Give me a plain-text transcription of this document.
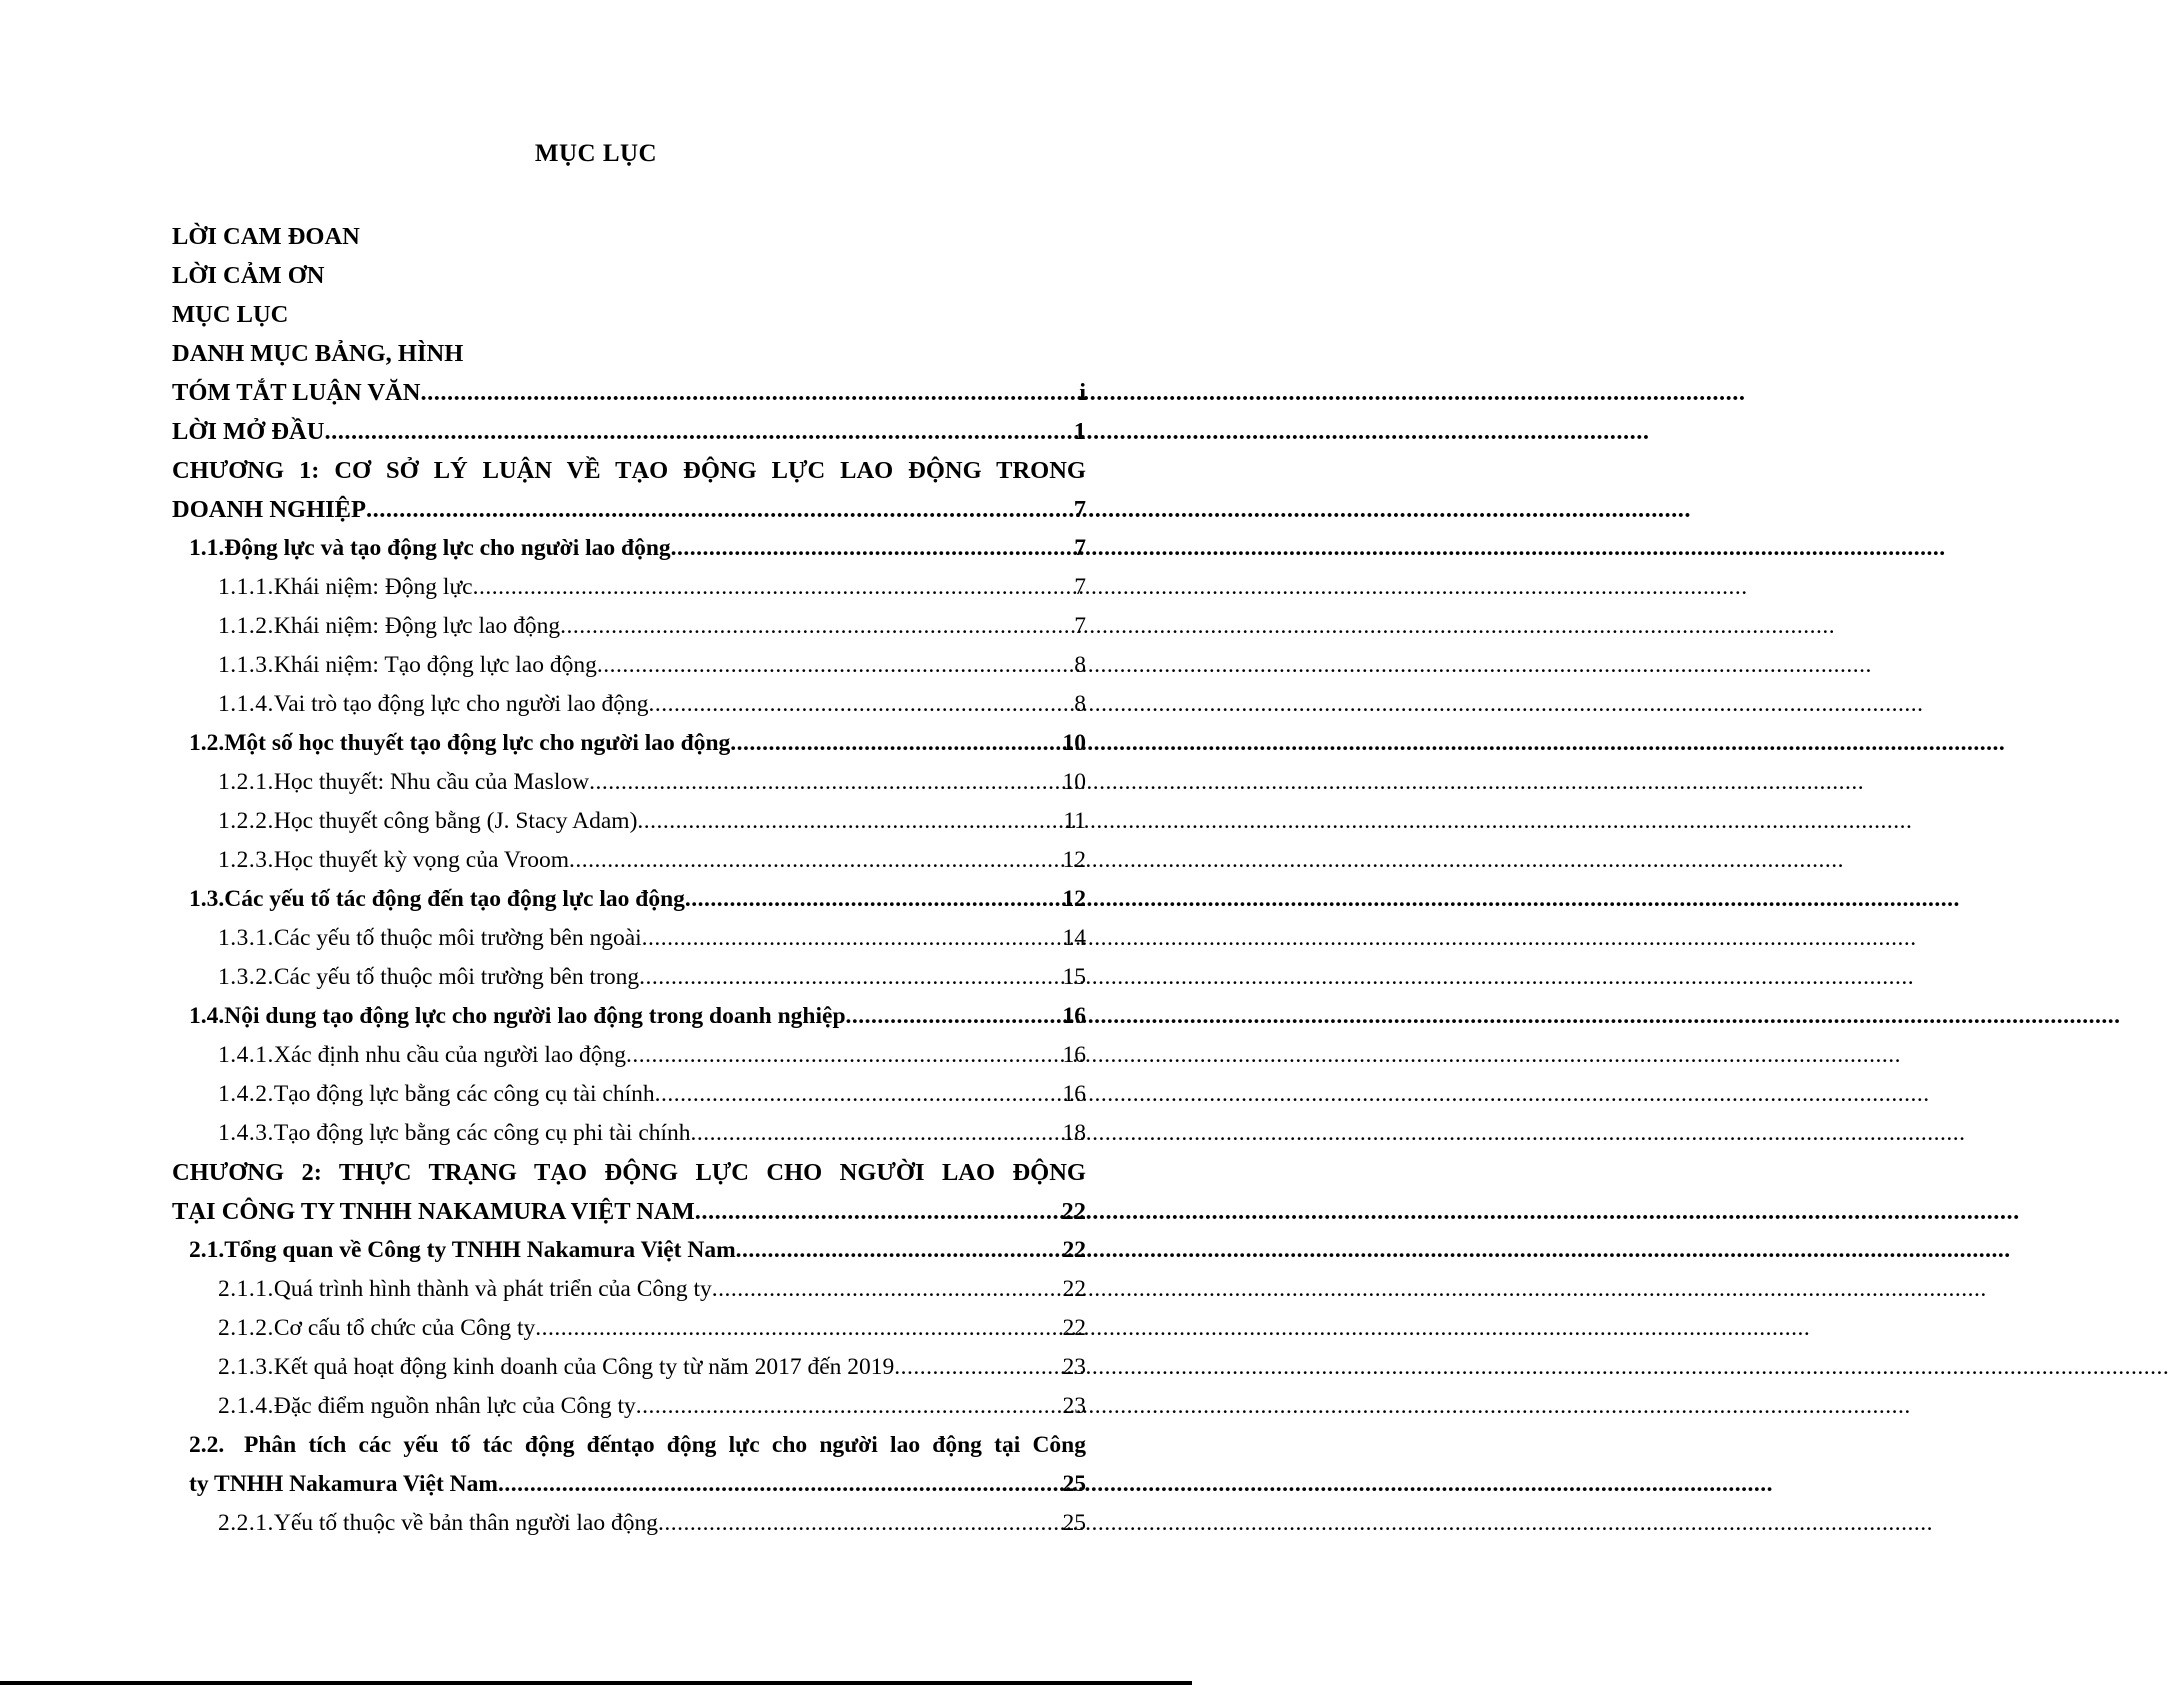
MỤC LỤC
LỜI CAM ĐOAN
LỜI CẢM ƠN
MỤC LỤC
DANH MỤC BẢNG, HÌNH
TÓM TẮT LUẬN VĂN .....	i
LỜI MỞ ĐẦU .....	1
CHƯƠNG 1: CƠ SỞ LÝ LUẬN VỀ TẠO ĐỘNG LỰC LAO ĐỘNG TRONG
DOANH NGHIỆP .....	7
1.1. Động lực và tạo động lực cho người lao động .....	7
1.1.1. Khái niệm: Động lực .....	7
1.1.2. Khái niệm: Động lực lao động .....	7
1.1.3. Khái niệm: Tạo động lực lao động .....	8
1.1.4. Vai trò tạo động lực cho người lao động .....	8
1.2. Một số học thuyết tạo động lực cho người lao động .....	10
1.2.1. Học thuyết: Nhu cầu của Maslow .....	10
1.2.2. Học thuyết công bằng (J. Stacy Adam) .....	11
1.2.3. Học thuyết kỳ vọng của Vroom .....	12
1.3. Các yếu tố tác động đến tạo động lực lao động .....	12
1.3.1. Các yếu tố thuộc môi trường bên ngoài .....	14
1.3.2. Các yếu tố thuộc môi trường bên trong .....	15
1.4. Nội dung tạo động lực cho người lao động trong doanh nghiệp .....	16
1.4.1. Xác định nhu cầu của người lao động .....	16
1.4.2. Tạo động lực bằng các công cụ tài chính .....	16
1.4.3. Tạo động lực bằng các công cụ phi tài chính .....	18
CHƯƠNG 2: THỰC TRẠNG TẠO ĐỘNG LỰC CHO NGƯỜI LAO ĐỘNG
TẠI CÔNG TY TNHH NAKAMURA VIỆT NAM .....	22
2.1. Tổng quan về Công ty TNHH Nakamura Việt Nam .....	22
2.1.1. Quá trình hình thành và phát triển của Công ty .....	22
2.1.2. Cơ cấu tổ chức của Công ty .....	22
2.1.3. Kết quả hoạt động kinh doanh của Công ty từ năm 2017 đến 2019 .....	23
2.1.4. Đặc điểm nguồn nhân lực của Công ty .....	23
2.2. Phân tích các yếu tố tác động đếntạo động lực cho người lao động tại Công
ty TNHH Nakamura Việt Nam .....	25
2.2.1. Yếu tố thuộc về bản thân người lao động .....	25
